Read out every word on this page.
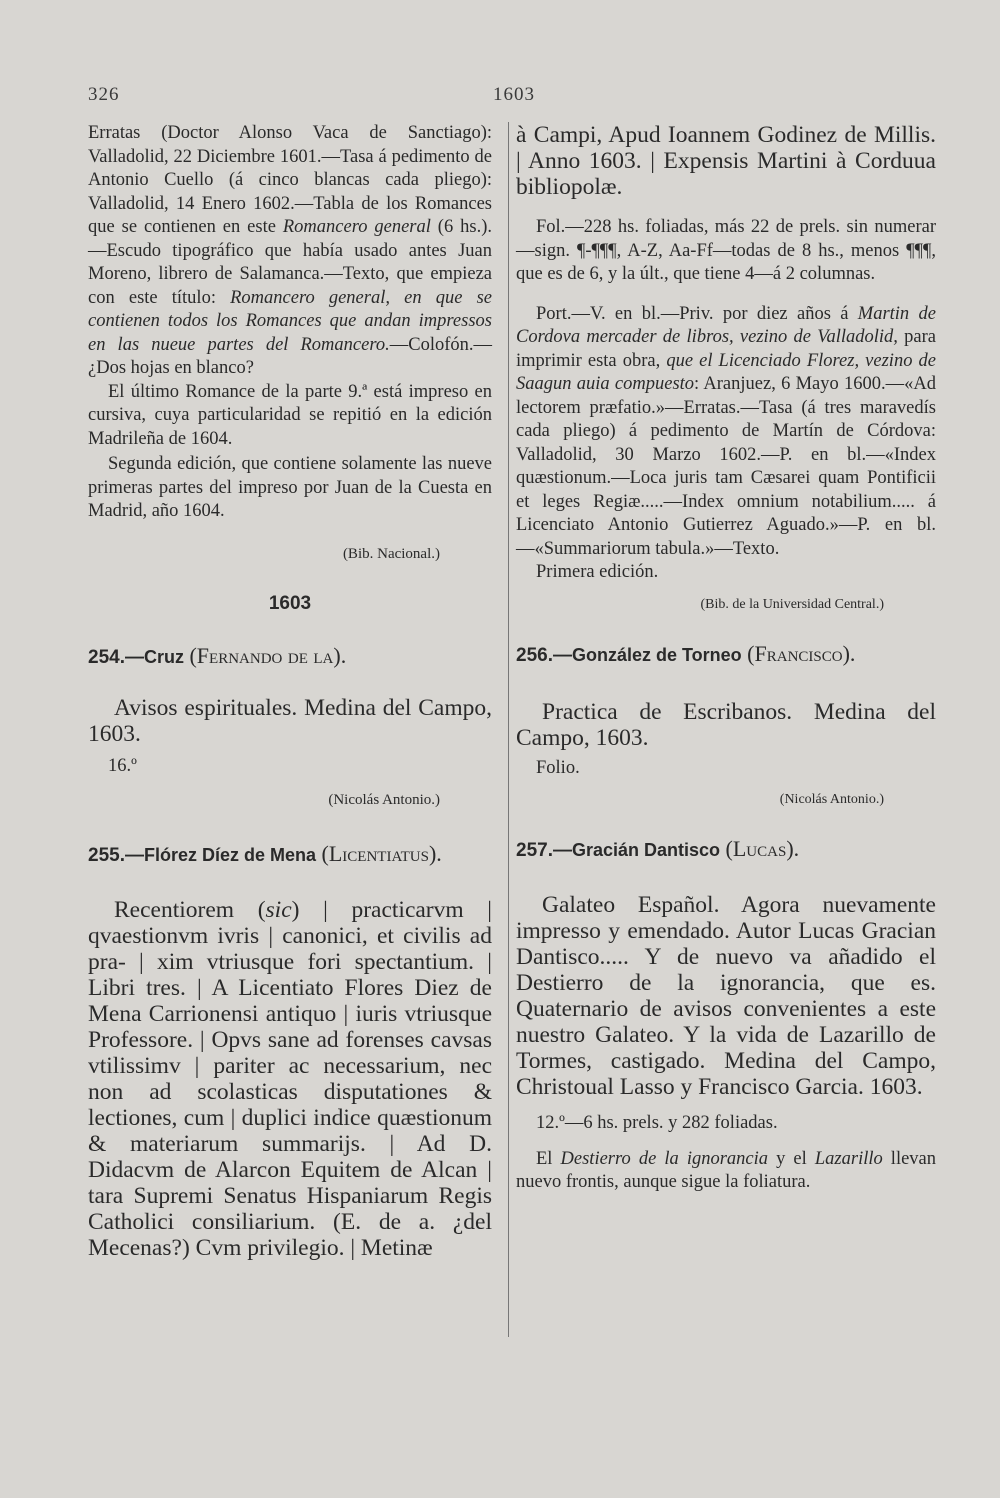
326	1603

Erratas (Doctor Alonso Vaca de Sanctiago): Valladolid, 22 Diciembre 1601.—Tasa á pedimento de Antonio Cuello (á cinco blancas cada pliego): Valladolid, 14 Enero 1602.—Tabla de los Romances que se contienen en este Romancero general (6 hs.).—Escudo tipográfico que había usado antes Juan Moreno, librero de Salamanca.—Texto, que empieza con este título: Romancero general, en que se contienen todos los Romances que andan impressos en las nueue partes del Romancero.—Colofón.—¿Dos hojas en blanco?

El último Romance de la parte 9.ª está impreso en cursiva, cuya particularidad se repitió en la edición Madrileña de 1604.

Segunda edición, que contiene solamente las nueve primeras partes del impreso por Juan de la Cuesta en Madrid, año 1604.

(Bib. Nacional.)

1603

254.—Cruz (Fernando de la).

Avisos espirituales. Medina del Campo, 1603.

16.º

(Nicolás Antonio.)

255.—Flórez Díez de Mena (Licentiatus).

Recentiorem (sic) | practicarvm | qvaestionvm ivris | canonici, et civilis ad pra- | xim vtriusque fori spectantium. | Libri tres. | A Licentiato Flores Diez de Mena Carrionensi antiquo | iuris vtriusque Professore. | Opvs sane ad forenses cavsas vtilissimv | pariter ac necessarium, nec non ad scolasticas disputationes & lectiones, cum | duplici indice quæstionum & materiarum summarijs. | Ad D. Didacvm de Alarcon Equitem de Alcan | tara Supremi Senatus Hispaniarum Regis Catholici consiliarium. (E. de a. ¿del Mecenas?) Cvm privilegio. | Metinæ

à Campi, Apud Ioannem Godinez de Millis. | Anno 1603. | Expensis Martini à Corduua bibliopolæ.

Fol.—228 hs. foliadas, más 22 de prels. sin numerar—sign. ¶-¶¶¶, A-Z, Aa-Ff—todas de 8 hs., menos ¶¶¶, que es de 6, y la últ., que tiene 4—á 2 columnas.

Port.—V. en bl.—Priv. por diez años á Martin de Cordova mercader de libros, vezino de Valladolid, para imprimir esta obra, que el Licenciado Florez, vezino de Saagun auia compuesto: Aranjuez, 6 Mayo 1600.—«Ad lectorem præfatio.»—Erratas.—Tasa (á tres maravedís cada pliego) á pedimento de Martín de Córdova: Valladolid, 30 Marzo 1602.—P. en bl.—«Index quæstionum.—Loca juris tam Cæsarei quam Pontificii et leges Regiæ.....—Index omnium notabilium..... á Licenciato Antonio Gutierrez Aguado.»—P. en bl.—«Summariorum tabula.»—Texto.

Primera edición.

(Bib. de la Universidad Central.)

256.—González de Torneo (Francisco).

Practica de Escribanos. Medina del Campo, 1603.

Folio.

(Nicolás Antonio.)

257.—Gracián Dantisco (Lucas).

Galateo Español. Agora nuevamente impresso y emendado. Autor Lucas Gracian Dantisco..... Y de nuevo va añadido el Destierro de la ignorancia, que es. Quaternario de avisos convenientes a este nuestro Galateo. Y la vida de Lazarillo de Tormes, castigado. Medina del Campo, Christoual Lasso y Francisco Garcia. 1603.

12.º—6 hs. prels. y 282 foliadas.

El Destierro de la ignorancia y el Lazarillo llevan nuevo frontis, aunque sigue la foliatura.
